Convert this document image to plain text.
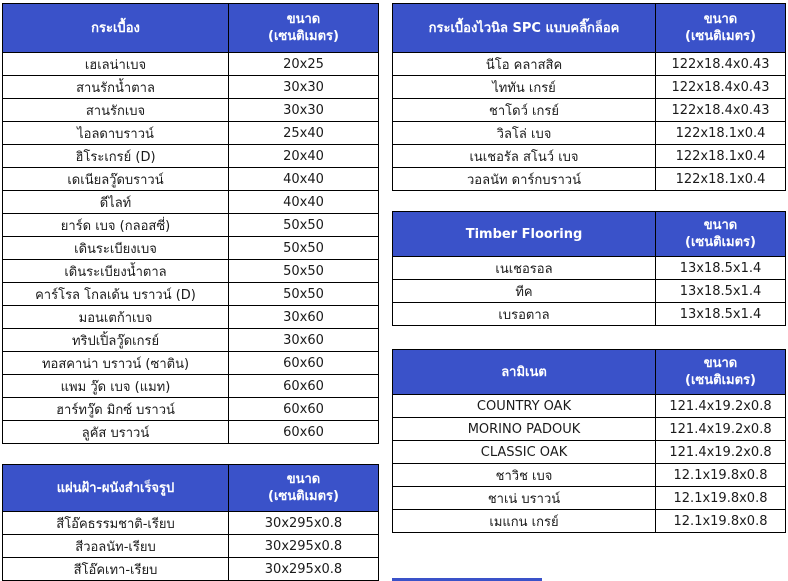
กระเบื้อง	ขนาด
(เซนติเมตร)

เฮเลน่าเบจ	20x25
สานรักน้ำตาล	30x30
สานรักเบจ	30x30
ไอลดาบราวน์	25x40
ฮิโระเกรย์ (D)	20x40
เดเนียลวู๊ดบราวน์	40x40
ดีไลท์	40x40
ยาร์ด เบจ (กลอสซี่)	50x50
เดินระเบียงเบจ	50x50
เดินระเบียงน้ำตาล	50x50
คาร์โรล โกลเด้น บราวน์ (D)	50x50
มอนเตก้าเบจ	30x60
ทริปเปิ้ลวู๊ดเกรย์	30x60
ทอสคาน่า บราวน์ (ซาติน)	60x60
แพม วู๊ด เบจ (แมท)	60x60
ฮาร์ทวู๊ด มิกซ์ บราวน์	60x60
ลูคัส บราวน์	60x60
แผ่นฝ้า-ผนังสำเร็จรูป	ขนาด
(เซนติเมตร)

สีโอ๊คธรรมชาติ-เรียบ	30x295x0.8
สีวอลนัท-เรียบ	30x295x0.8
สีโอ๊คเทา-เรียบ	30x295x0.8
กระเบื้องไวนิล SPC แบบคลิ๊กล็อค	ขนาด
(เซนติเมตร)

นีโอ คลาสสิค	122x18.4x0.43
ไททัน เกรย์	122x18.4x0.43
ชาโดว์ เกรย์	122x18.4x0.43
วิลโล่ เบจ	122x18.1x0.4
เนเชอรัล สโนว์ เบจ	122x18.1x0.4
วอลนัท ดาร์กบราวน์	122x18.1x0.4
Timber Flooring	ขนาด
(เซนติเมตร)

เนเชอรอล	13x18.5x1.4
ทีค	13x18.5x1.4
เบรอตาล	13x18.5x1.4
ลามิเนต	ขนาด
(เซนติเมตร)

COUNTRY OAK	121.4x19.2x0.8
MORINO PADOUK	121.4x19.2x0.8
CLASSIC OAK	121.4x19.2x0.8
ชาวิช เบจ	12.1x19.8x0.8
ชาเน่ บราวน์	12.1x19.8x0.8
เมแกน เกรย์	12.1x19.8x0.8
